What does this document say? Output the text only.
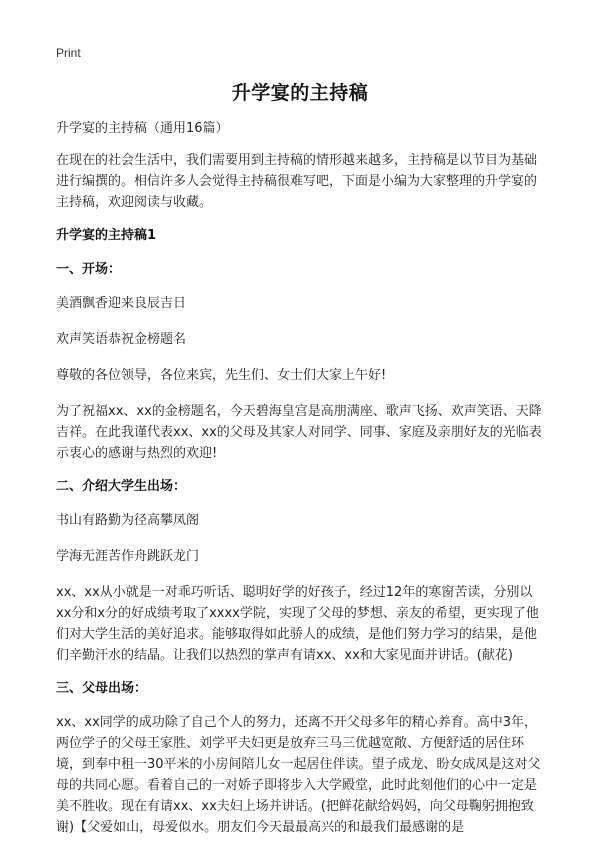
Print
升学宴的主持稿

升学宴的主持稿（通用16篇）

在现在的社会生活中，我们需要用到主持稿的情形越来越多，主持稿是以节目为基础进行编撰的。相信许多人会觉得主持稿很难写吧，下面是小编为大家整理的升学宴的主持稿，欢迎阅读与收藏。

升学宴的主持稿1

一、开场：

美酒飘香迎来良辰吉日

欢声笑语恭祝金榜题名

尊敬的各位领导，各位来宾，先生们、女士们大家上午好!

为了祝福xx、xx的金榜题名，今天碧海皇宫是高朋满座、歌声飞扬、欢声笑语、天降吉祥。在此我谨代表xx、xx的父母及其家人对同学、同事、家庭及亲朋好友的光临表示衷心的感谢与热烈的欢迎!

二、介绍大学生出场：

书山有路勤为径高攀凤阁

学海无涯苦作舟跳跃龙门

xx、xx从小就是一对乖巧听话、聪明好学的好孩子，经过12年的寒窗苦读，分别以xx分和x分的好成绩考取了xxxx学院，实现了父母的梦想、亲友的希望，更实现了他们对大学生活的美好追求。能够取得如此骄人的成绩，是他们努力学习的结果，是他们辛勤汗水的结晶。让我们以热烈的掌声有请xx、xx和大家见面并讲话。(献花)

三、父母出场：

xx、xx同学的成功除了自己个人的努力，还离不开父母多年的精心养育。高中3年，两位学子的父母王家胜、刘学平夫妇更是放弃三马三优越宽敞、方便舒适的居住环境，到奉中租一30平米的小房间陪儿女一起居住伴读。望子成龙、盼女成凤是这对父母的共同心愿。看着自己的一对娇子即将步入大学殿堂，此时此刻他们的心中一定是美不胜收。现在有请xx、xx夫妇上场并讲话。(把鲜花献给妈妈，向父母鞠躬拥抱致谢)【父爱如山，母爱似水。朋友们今天最最高兴的和最我们最感谢的是
